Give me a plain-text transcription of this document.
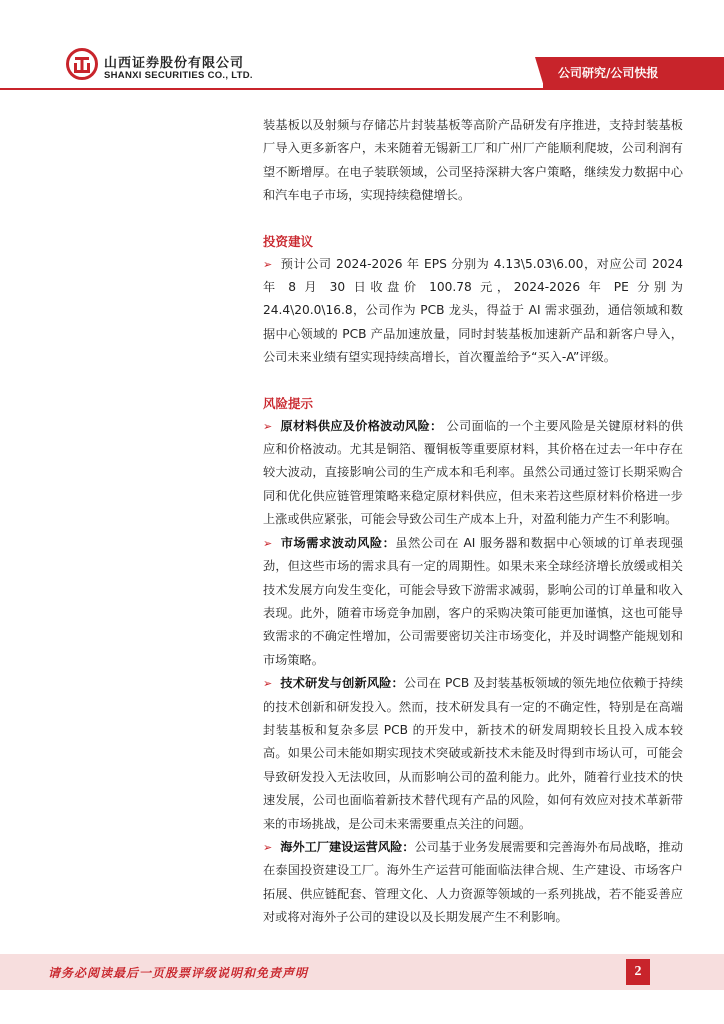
山西证券股份有限公司
SHANXI SECURITIES CO., LTD.	公司研究/公司快报

装基板以及射频与存储芯片封装基板等高阶产品研发有序推进，支持封装基板厂导入更多新客户，未来随着无锡新工厂和广州厂产能顺利爬坡，公司利润有望不断增厚。在电子装联领域，公司坚持深耕大客户策略，继续发力数据中心和汽车电子市场，实现持续稳健增长。

投资建议

➢ 预计公司 2024-2026 年 EPS 分别为 4.13\5.03\6.00，对应公司 2024 年 8 月 30 日收盘价 100.78 元，2024-2026 年 PE 分别为 24.4\20.0\16.8，公司作为 PCB 龙头，得益于 AI 需求强劲，通信领域和数据中心领域的 PCB 产品加速放量，同时封装基板加速新产品和新客户导入，公司未来业绩有望实现持续高增长，首次覆盖给予“买入-A”评级。

风险提示

➢ 原材料供应及价格波动风险： 公司面临的一个主要风险是关键原材料的供应和价格波动。尤其是铜箔、覆铜板等重要原材料，其价格在过去一年中存在较大波动，直接影响公司的生产成本和毛利率。虽然公司通过签订长期采购合同和优化供应链管理策略来稳定原材料供应，但未来若这些原材料价格进一步上涨或供应紧张，可能会导致公司生产成本上升，对盈利能力产生不利影响。

➢ 市场需求波动风险：虽然公司在 AI 服务器和数据中心领域的订单表现强劲，但这些市场的需求具有一定的周期性。如果未来全球经济增长放缓或相关技术发展方向发生变化，可能会导致下游需求减弱，影响公司的订单量和收入表现。此外，随着市场竞争加剧，客户的采购决策可能更加谨慎，这也可能导致需求的不确定性增加，公司需要密切关注市场变化，并及时调整产能规划和市场策略。

➢ 技术研发与创新风险：公司在 PCB 及封装基板领域的领先地位依赖于持续的技术创新和研发投入。然而，技术研发具有一定的不确定性，特别是在高端封装基板和复杂多层 PCB 的开发中，新技术的研发周期较长且投入成本较高。如果公司未能如期实现技术突破或新技术未能及时得到市场认可，可能会导致研发投入无法收回，从而影响公司的盈利能力。此外，随着行业技术的快速发展，公司也面临着新技术替代现有产品的风险，如何有效应对技术革新带来的市场挑战，是公司未来需要重点关注的问题。

➢ 海外工厂建设运营风险：公司基于业务发展需要和完善海外布局战略，推动在泰国投资建设工厂。海外生产运营可能面临法律合规、生产建设、市场客户拓展、供应链配套、管理文化、人力资源等领域的一系列挑战，若不能妥善应对或将对海外子公司的建设以及长期发展产生不利影响。

请务必阅读最后一页股票评级说明和免责声明	2
